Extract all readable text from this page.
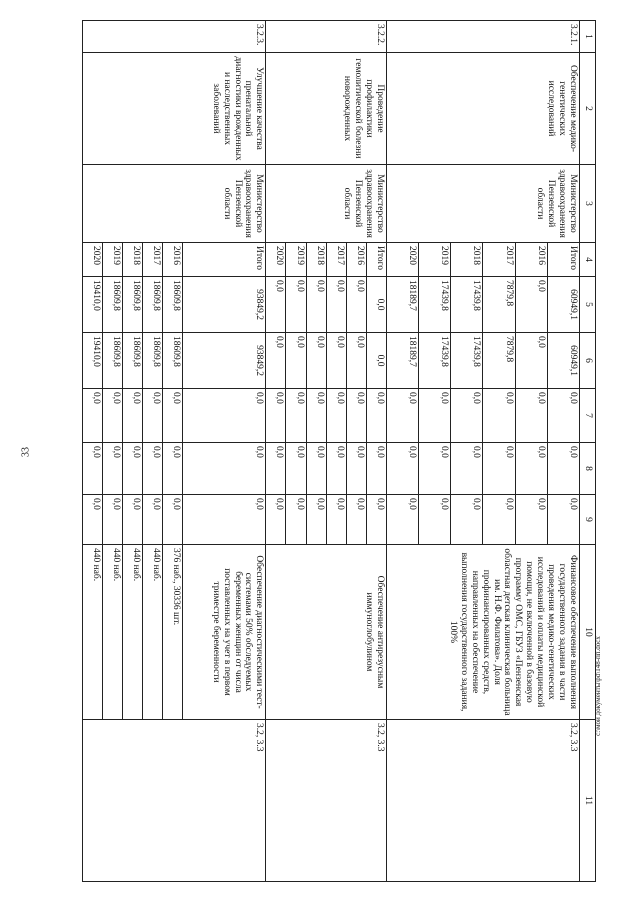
33
c:\мои документы\pd\148-пп.docx
1	2	3	4	5	6	7	8	9	10	11
3.2.1.	Обеспечение медико-генетических исследований	Министерство здравоохранения Пензенской области	Итого	60949,1	60949,1	0,0	0,0	0,0	Финансовое обеспечение выполнения государственного задания в части проведения медико-генетических исследований и оплаты медицинской помощи, не включенной в базовую программу ОМС, ГБУЗ «Пензенская областная детская клиническая больница им. Н.Ф. Филатова». Доля профинансированных средств, направленных на обеспечение выполнения государственного задания, 100%	3.2, 3.3
			2016	0,0	0,0	0,0	0,0	0,0		
			2017	7879,8	7879,8	0,0	0,0	0,0		
			2018	17439,8	17439,8	0,0	0,0	0,0		
			2019	17439,8	17439,8	0,0	0,0	0,0		
			2020	18189,7	18189,7	0,0	0,0	0,0		
3.2.2.	Проведение профилактики гемолитической болезни новорожденных	Министерство здравоохранения Пензенской области	Итого	0,0	0,0	0,0	0,0	0,0	Обеспечение антирезусным иммуноглобулином	3.2, 3.3
			2016	0,0	0,0	0,0	0,0	0,0		
			2017	0,0	0,0	0,0	0,0	0,0		
			2018	0,0	0,0	0,0	0,0	0,0		
			2019	0,0	0,0	0,0	0,0	0,0		
			2020	0,0	0,0	0,0	0,0	0,0		
3.2.3.	Улучшение качества пренатальной диагностики врожденных и наследственных заболеваний	Министерство здравоохранения Пензенской области	Итого	93849,2	93849,2	0,0	0,0	0,0	Обеспечение диагностическими тест-системами 50% обследуемых беременных женщин от числа поставленных на учет в первом триместре беременности	3.2, 3.3
			2016	18609,8	18609,8	0,0	0,0	0,0	376 наб., 30336 шт.	
			2017	18609,8	18609,8	0,0	0,0	0,0	440 наб.	
			2018	18609,8	18609,8	0,0	0,0	0,0	440 наб.	
			2019	18609,8	18609,8	0,0	0,0	0,0	440 наб.	
			2020	19410,0	19410,0	0,0	0,0	0,0	440 наб.	
